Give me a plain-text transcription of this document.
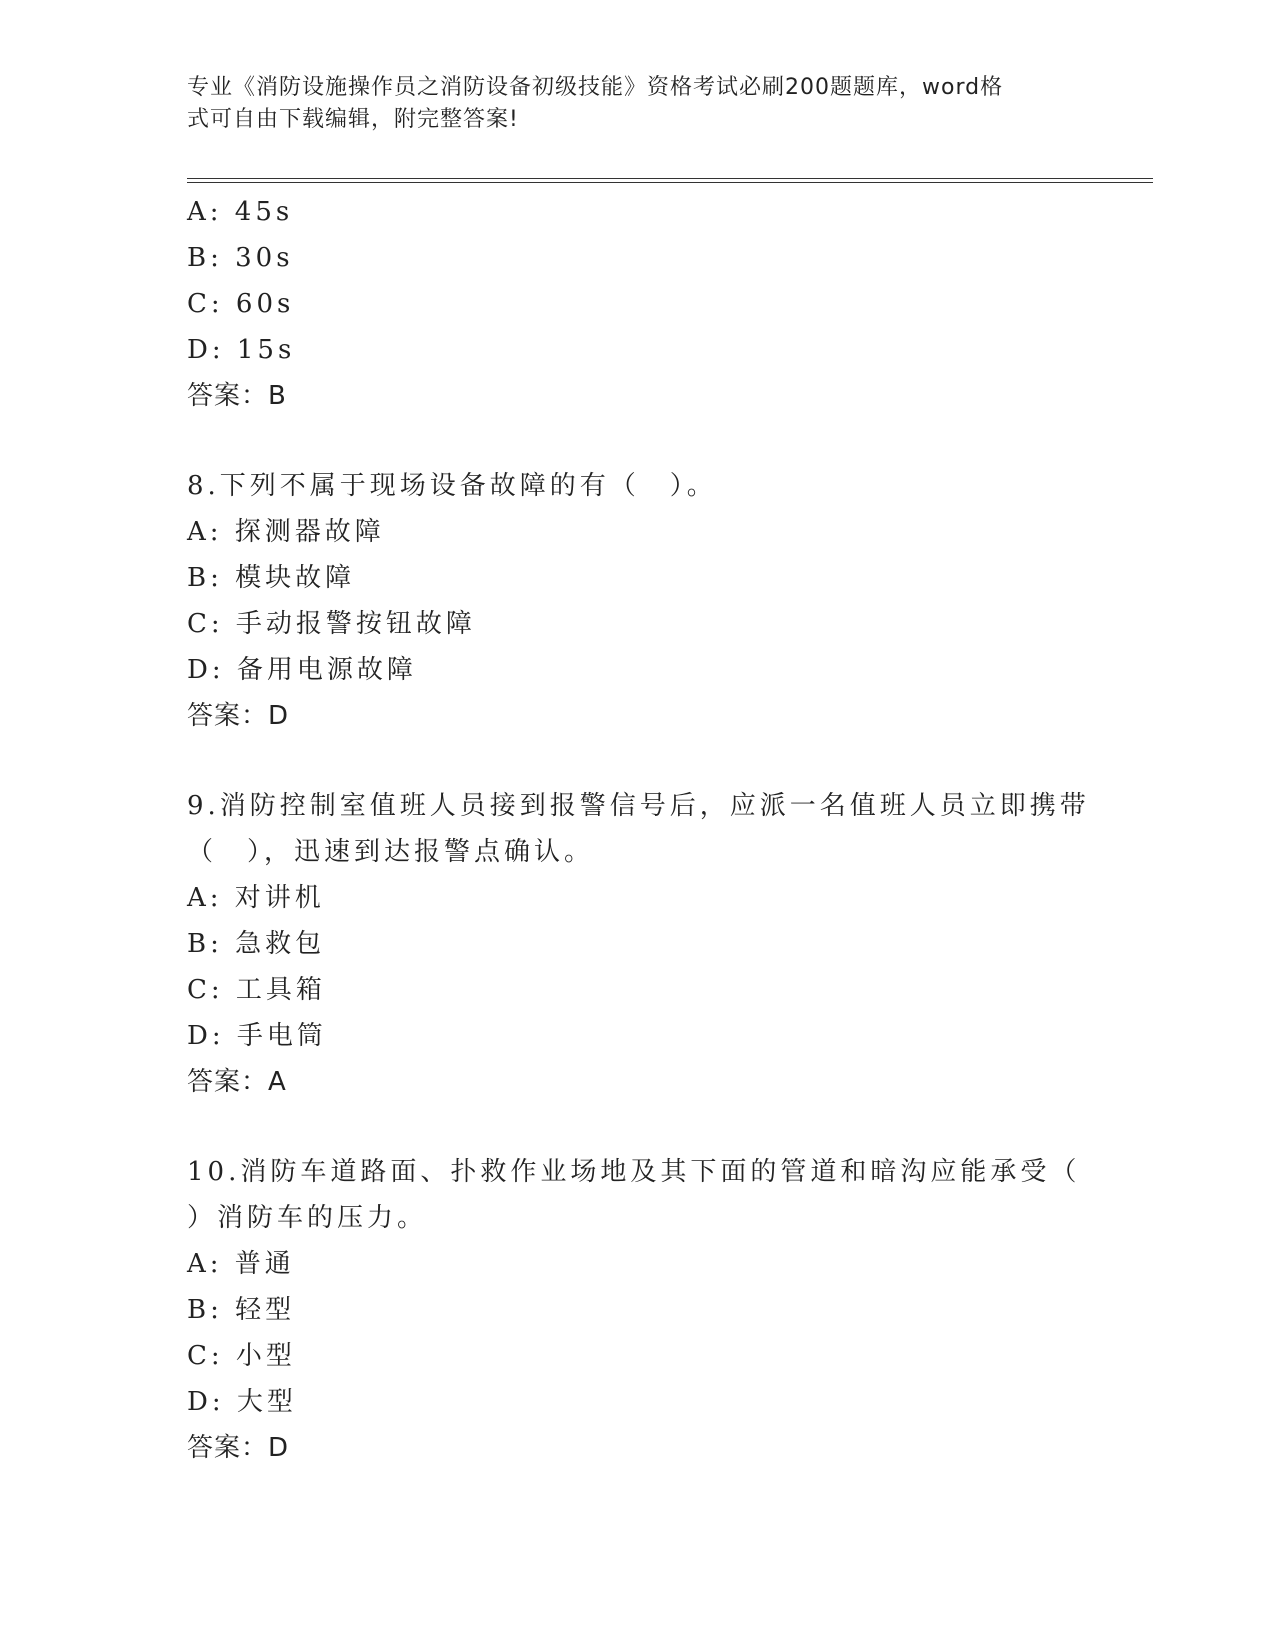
专业《消防设施操作员之消防设备初级技能》资格考试必刷200题题库，word格
式可自由下载编辑，附完整答案!
A: 45s
B: 30s
C: 60s
D: 15s
答案：B
8.下列不属于现场设备故障的有（　）。
A: 探测器故障
B: 模块故障
C: 手动报警按钮故障
D: 备用电源故障
答案：D
9.消防控制室值班人员接到报警信号后，应派一名值班人员立即携带
（　），迅速到达报警点确认。
A: 对讲机
B: 急救包
C: 工具箱
D: 手电筒
答案：A
10.消防车道路面、扑救作业场地及其下面的管道和暗沟应能承受（
）消防车的压力。
A: 普通
B: 轻型
C: 小型
D: 大型
答案：D
